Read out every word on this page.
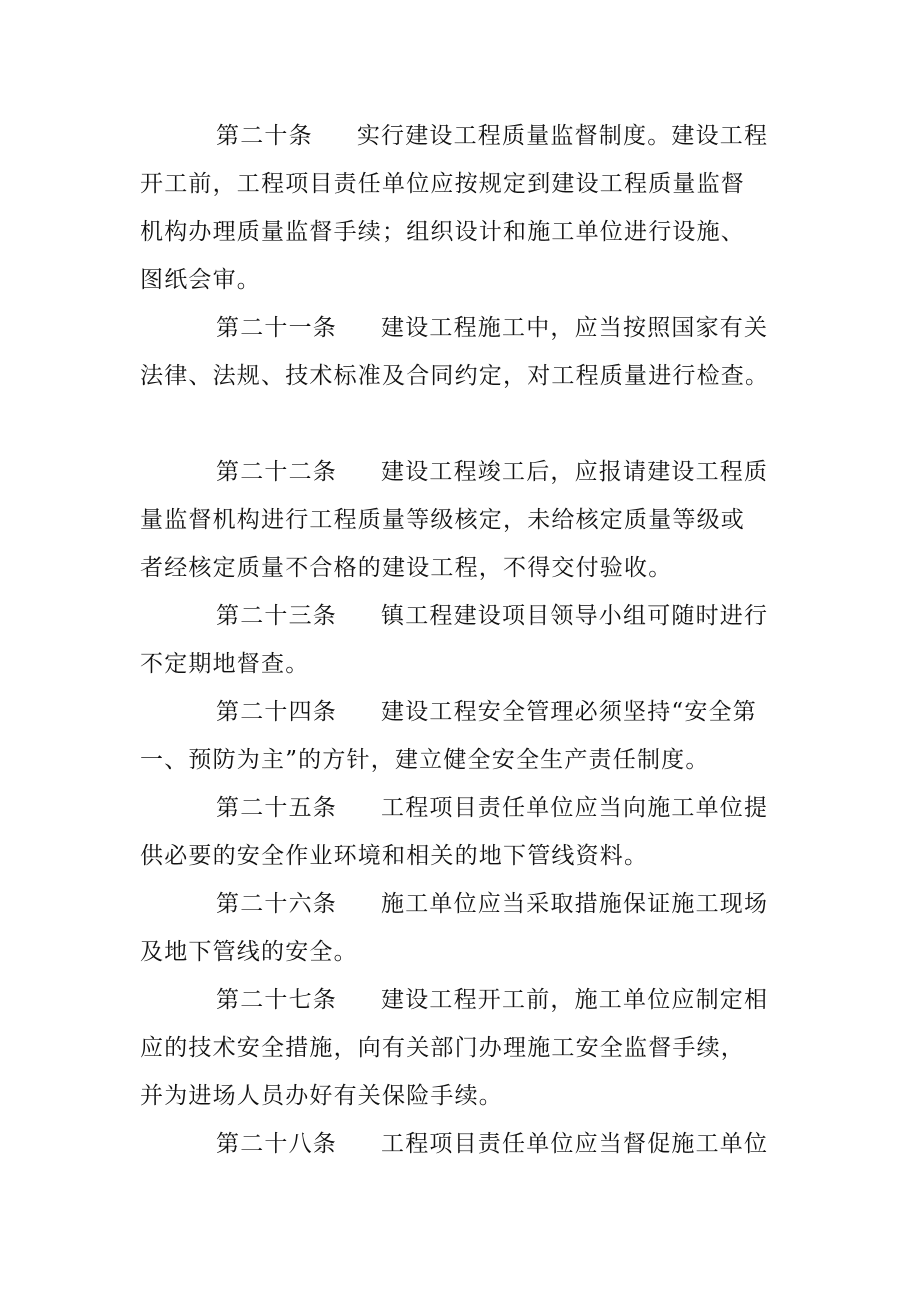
第二十条 实行建设工程质量监督制度。建设工程
开工前，工程项目责任单位应按规定到建设工程质量监督
机构办理质量监督手续；组织设计和施工单位进行设施、
图纸会审。
第二十一条 建设工程施工中，应当按照国家有关
法律、法规、技术标准及合同约定，对工程质量进行检查。
第二十二条 建设工程竣工后，应报请建设工程质
量监督机构进行工程质量等级核定，未给核定质量等级或
者经核定质量不合格的建设工程，不得交付验收。
第二十三条 镇工程建设项目领导小组可随时进行
不定期地督查。
第二十四条 建设工程安全管理必须坚持“安全第
一、预防为主”的方针，建立健全安全生产责任制度。
第二十五条 工程项目责任单位应当向施工单位提
供必要的安全作业环境和相关的地下管线资料。
第二十六条 施工单位应当采取措施保证施工现场
及地下管线的安全。
第二十七条 建设工程开工前，施工单位应制定相
应的技术安全措施，向有关部门办理施工安全监督手续，
并为进场人员办好有关保险手续。
第二十八条 工程项目责任单位应当督促施工单位
